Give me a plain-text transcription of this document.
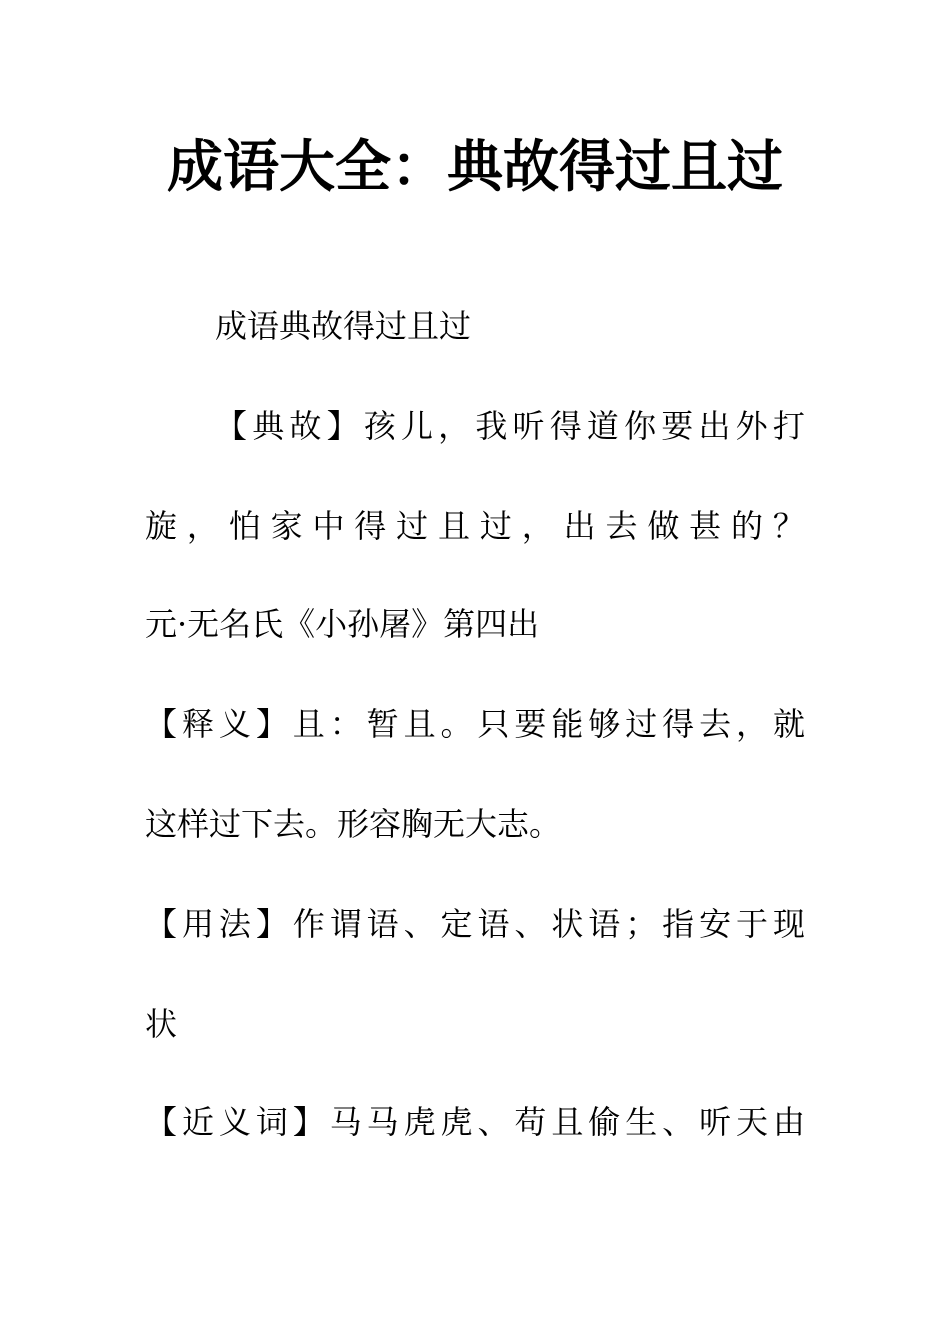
成语大全：典故得过且过
成语典故得过且过
【 典 故 】 孩 儿 ， 我 听 得 道 你 要 出 外 打
旋 ， 怕 家 中 得 过 且 过 ， 出 去 做 甚 的 ？
元·无名氏《小孙屠》第四出
【 释 义 】 且 ： 暂 且 。 只 要 能 够 过 得 去 ， 就
这样过下去。形容胸无大志。
【 用 法 】 作 谓 语 、 定 语 、 状 语 ； 指 安 于 现
状
【 近 义 词 】 马 马 虎 虎 、 苟 且 偷 生 、 听 天 由
